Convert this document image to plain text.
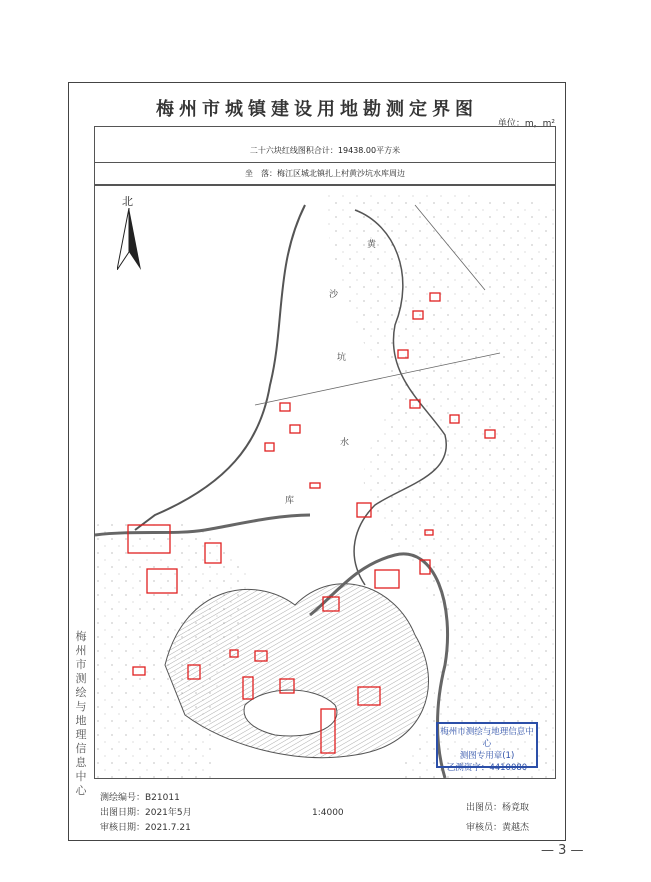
梅州市城镇建设用地勘测定界图
单位：m，m²
二十六块红线图积合计：19438.00平方米
坐　落：梅江区城北镇扎上村黄沙坑水库周边
黄
沙
坑
水
库
北
梅州市测绘与地理信息中心
测绘编号：B21011
出图日期：2021年5月
审核日期：2021.7.21
1:4000	出图员：杨竟取
审核员：黄越杰
梅州市测绘与地理信息中心
测图专用章(1)
乙测资字：4410080
— 3 —
